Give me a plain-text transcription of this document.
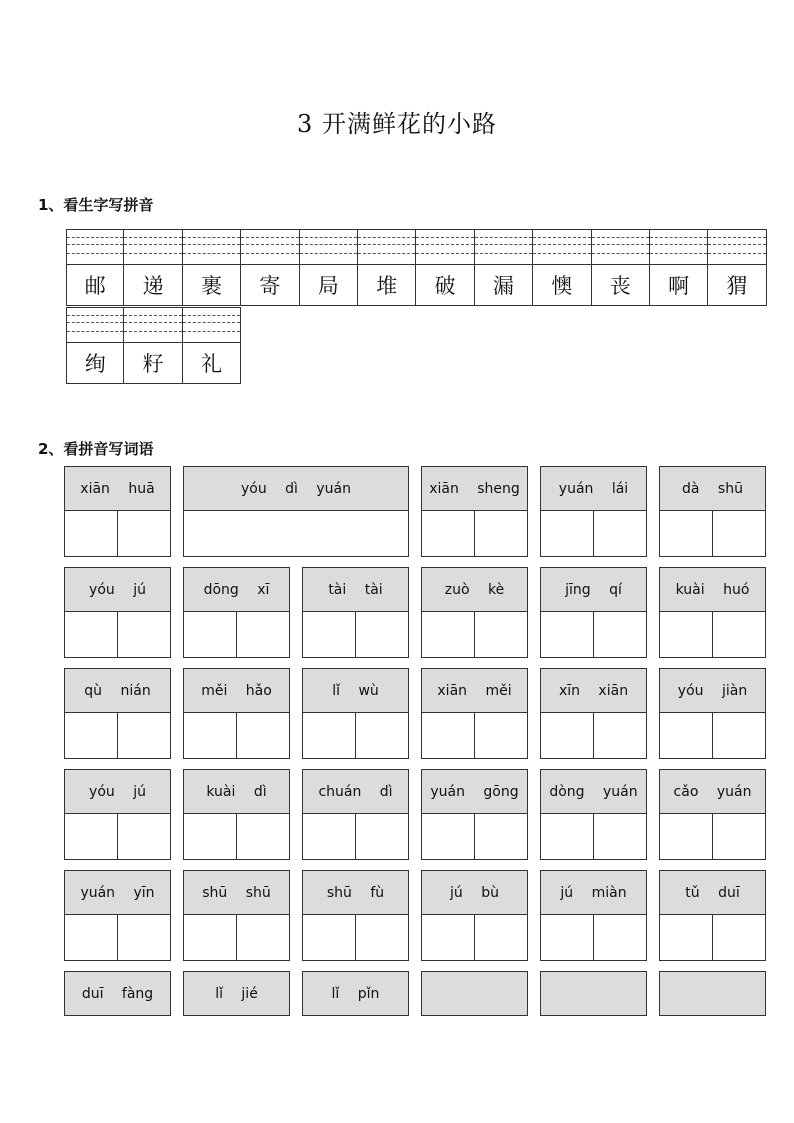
3 开满鲜花的小路
1、看生字写拼音
邮	递	裹	寄	局	堆	破	漏	懊	丧	啊	猬
绚	籽	礼
2、看拼音写词语
xiān huā	yóu dì yuán	xiān sheng	yuán lái	dà shū
yóu jú	dōng xī	tài tài	zuò kè	jīng qí	kuài huó
qù nián	měi hǎo	lǐ wù	xiān měi	xīn xiān	yóu jiàn
yóu jú	kuài dì	chuán dì	yuán gōng	dòng yuán	cǎo yuán
yuán yīn	shū shū	shū fù	jú bù	jú miàn	tǔ duī
duī fàng	lǐ jié	lǐ pǐn
